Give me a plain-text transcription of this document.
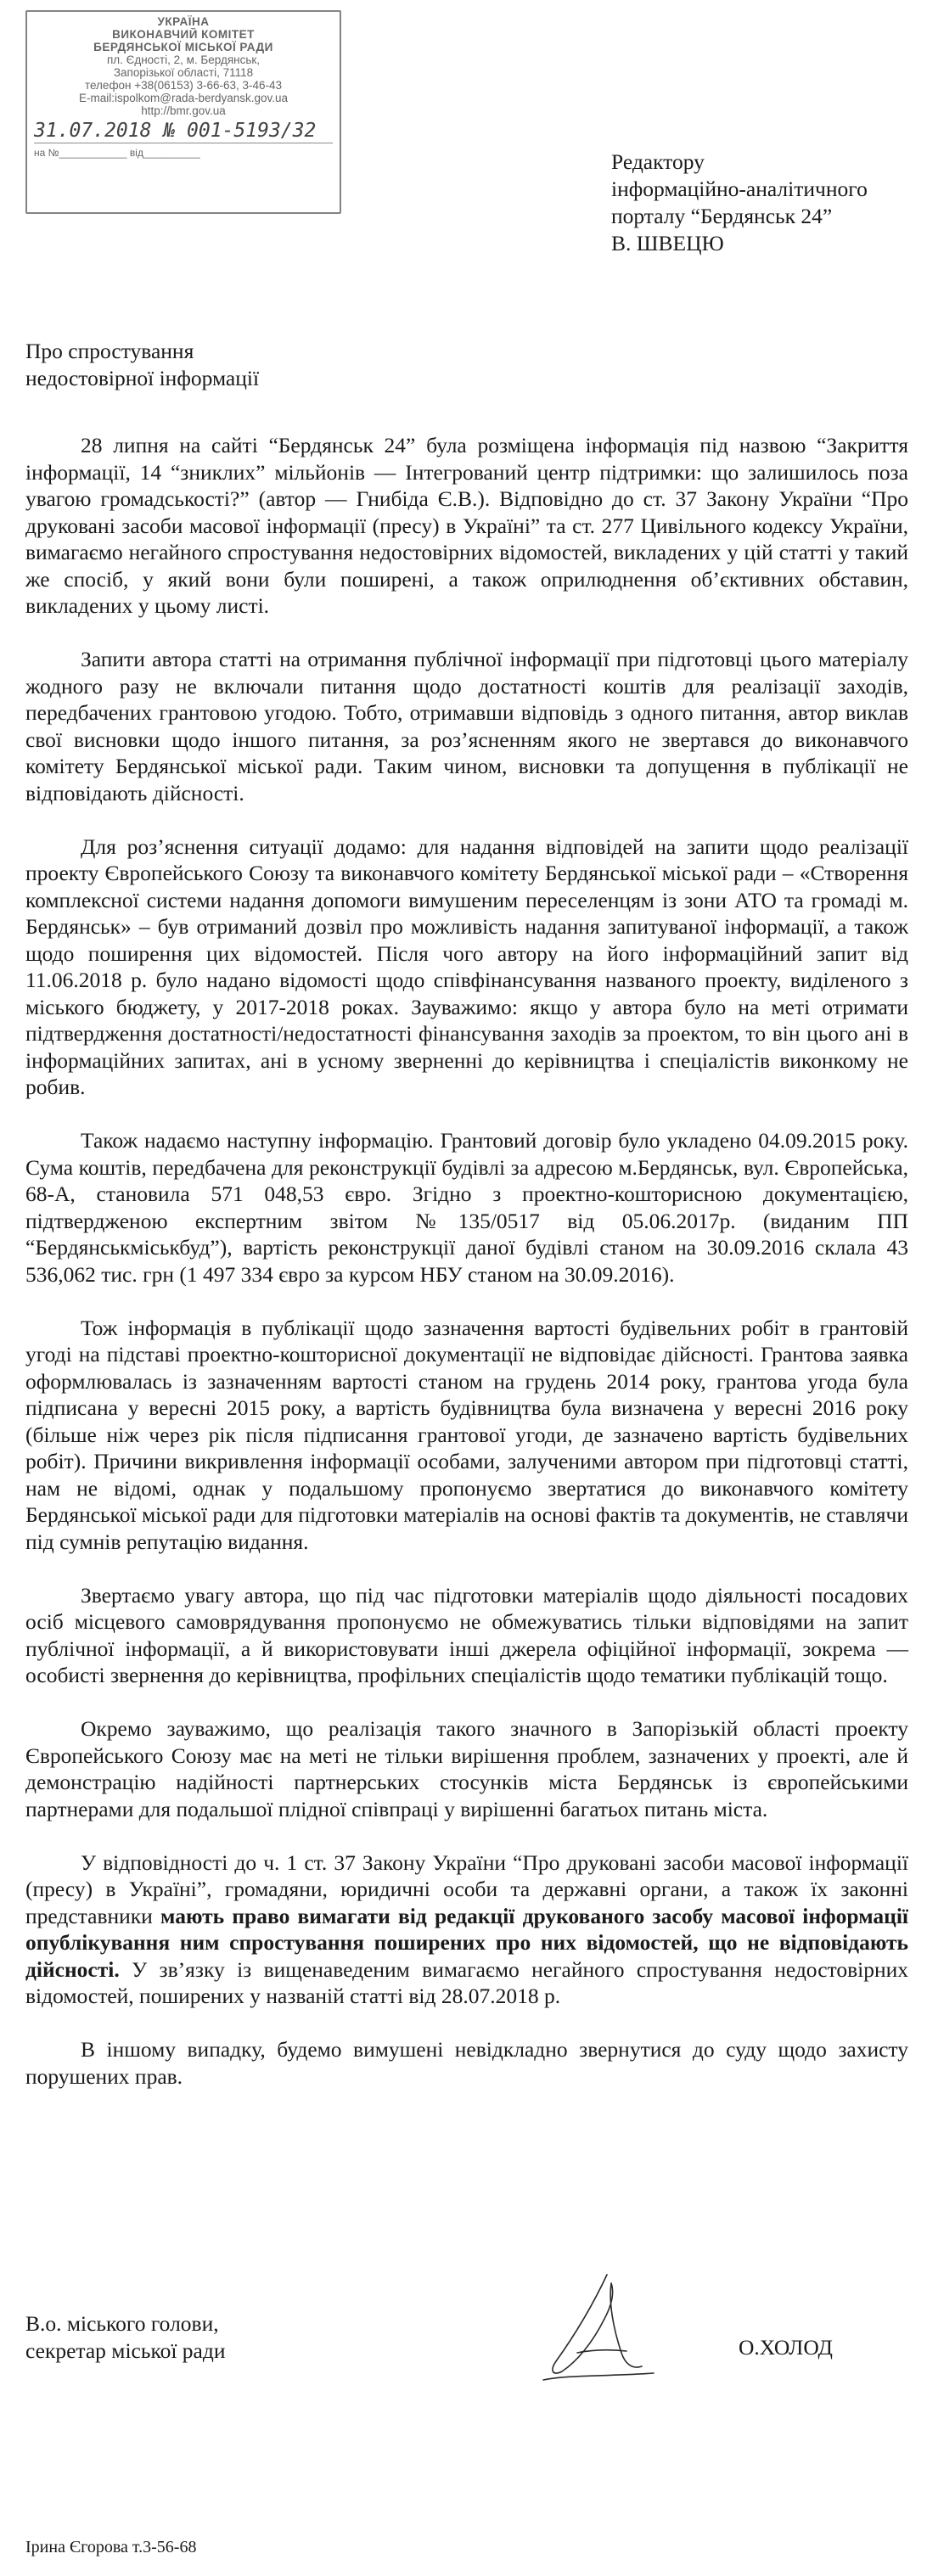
УКРАЇНА
ВИКОНАВЧИЙ КОМІТЕТ
БЕРДЯНСЬКОЇ МІСЬКОЇ РАДИ
пл. Єдності, 2, м. Бердянськ,
Запорізької області, 71118
телефон +38(06153) 3-66-63, 3-46-43
E-mail:ispolkom@rada-berdyansk.gov.ua
http://bmr.gov.ua
31.07.2018 № 001-5193/32
на №____________ від__________	Редактору
інформаційно-аналітичного
порталу “Бердянськ 24”
В. ШВЕЦЮ
Про спростування
недостовірної інформації

28 липня на сайті “Бердянськ 24” була розміщена інформація під назвою “Закриття інформації, 14 “зниклих” мільйонів — Інтегрований центр підтримки: що залишилось поза увагою громадськості?” (автор — Гнибіда Є.В.). Відповідно до ст. 37 Закону України “Про друковані засоби масової інформації (пресу) в Україні” та ст. 277 Цивільного кодексу України, вимагаємо негайного спростування недостовірних відомостей, викладених у цій статті у такий же спосіб, у який вони були поширені, а також оприлюднення об’єктивних обставин, викладених у цьому листі.

Запити автора статті на отримання публічної інформації при підготовці цього матеріалу жодного разу не включали питання щодо достатності коштів для реалізації заходів, передбачених грантовою угодою. Тобто, отримавши відповідь з одного питання, автор виклав свої висновки щодо іншого питання, за роз’ясненням якого не звертався до виконавчого комітету Бердянської міської ради. Таким чином, висновки та допущення в публікації не відповідають дійсності.

Для роз’яснення ситуації додамо: для надання відповідей на запити щодо реалізації проекту Європейського Союзу та виконавчого комітету Бердянської міської ради – «Створення комплексної системи надання допомоги вимушеним переселенцям із зони АТО та громаді м. Бердянськ» – був отриманий дозвіл про можливість надання запитуваної інформації, а також щодо поширення цих відомостей. Після чого автору на його інформаційний запит від 11.06.2018 р. було надано відомості щодо співфінансування названого проекту, виділеного з міського бюджету, у 2017-2018 роках. Зауважимо: якщо у автора було на меті отримати підтвердження достатності/недостатності фінансування заходів за проектом, то він цього ані в інформаційних запитах, ані в усному зверненні до керівництва і спеціалістів виконкому не робив.

Також надаємо наступну інформацію. Грантовий договір було укладено 04.09.2015 року. Сума коштів, передбачена для реконструкції будівлі за адресою м.Бердянськ, вул. Європейська, 68-А, становила 571 048,53 євро. Згідно з проектно-кошторисною документацією, підтвердженою експертним звітом №135/0517 від 05.06.2017р. (виданим ПП “Бердянськміськбуд”), вартість реконструкції даної будівлі станом на 30.09.2016 склала 43 536,062 тис. грн (1 497 334 євро за курсом НБУ станом на 30.09.2016).

Тож інформація в публікації щодо зазначення вартості будівельних робіт в грантовій угоді на підставі проектно-кошторисної документації не відповідає дійсності. Грантова заявка оформлювалась із зазначенням вартості станом на грудень 2014 року, грантова угода була підписана у вересні 2015 року, а вартість будівництва була визначена у вересні 2016 року (більше ніж через рік після підписання грантової угоди, де зазначено вартість будівельних робіт). Причини викривлення інформації особами, залученими автором при підготовці статті, нам не відомі, однак у подальшому пропонуємо звертатися до виконавчого комітету Бердянської міської ради для підготовки матеріалів на основі фактів та документів, не ставлячи під сумнів репутацію видання.

Звертаємо увагу автора, що під час підготовки матеріалів щодо діяльності посадових осіб місцевого самоврядування пропонуємо не обмежуватись тільки відповідями на запит публічної інформації, а й використовувати інші джерела офіційної інформації, зокрема — особисті звернення до керівництва, профільних спеціалістів щодо тематики публікацій тощо.

Окремо зауважимо, що реалізація такого значного в Запорізькій області проекту Європейського Союзу має на меті не тільки вирішення проблем, зазначених у проекті, але й демонстрацію надійності партнерських стосунків міста Бердянськ із європейськими партнерами для подальшої плідної співпраці у вирішенні багатьох питань міста.

У відповідності до ч. 1 ст. 37 Закону України “Про друковані засоби масової інформації (пресу) в Україні”, громадяни, юридичні особи та державні органи, а також їх законні представники мають право вимагати від редакції друкованого засобу масової інформації опублікування ним спростування поширених про них відомостей, що не відповідають дійсності. У зв’язку із вищенаведеним вимагаємо негайного спростування недостовірних відомостей, поширених у названій статті від 28.07.2018 р.

В іншому випадку, будемо вимушені невідкладно звернутися до суду щодо захисту порушених прав.

В.о. міського голови,
секретар міської ради	О.ХОЛОД
Ірина Єгорова т.3-56-68
